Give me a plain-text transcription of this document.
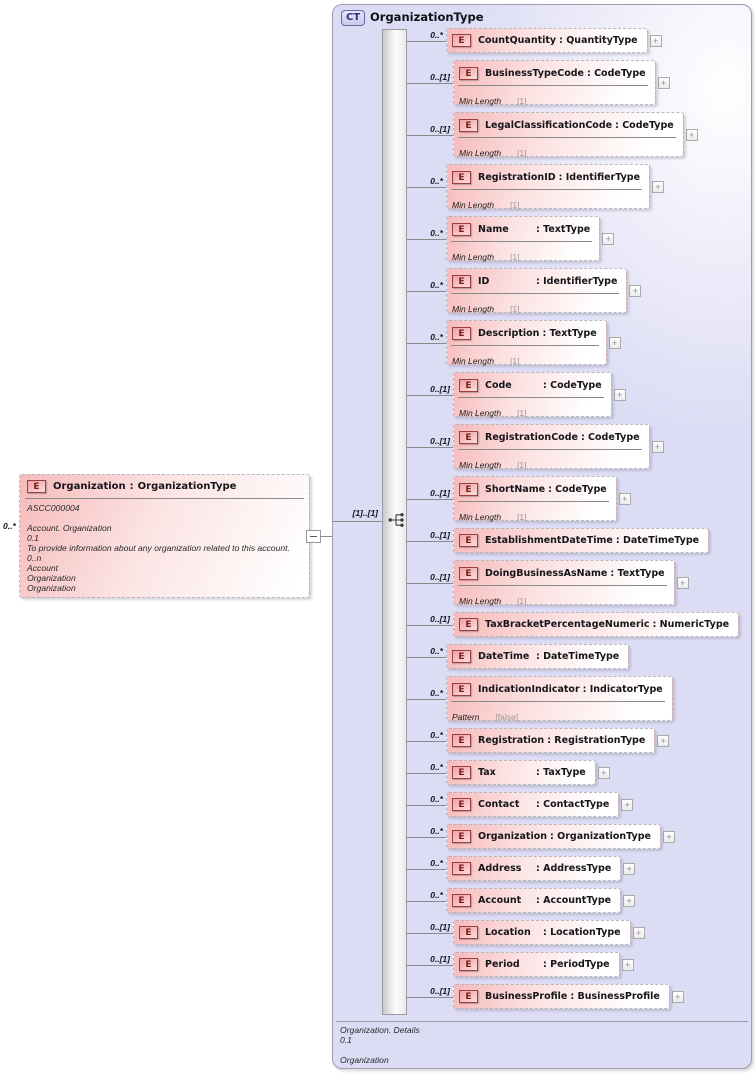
0..*
E	Organization : OrganizationType
ASCC000004
Account. Organization
0.1
To provide information about any organization related to this account.
0..n
Account
Organization
Organization
CT OrganizationType
[1]..[1]
0..*
E	CountQuantity : QuantityType	+
0..[1]	E	BusinessTypeCode : CodeType
Min Length [1]
+
0..[1]	E	LegalClassificationCode : CodeType
Min Length [1]
+
0..*	E	RegistrationID : IdentifierType
Min Length [1]
+
0..*	E	Name	: TextType
Min Length [1]
+
0..*	E	ID	: IdentifierType
Min Length [1]
+
0..*	E	Description : TextType
Min Length [1]
+
0..[1]	E	Code	: CodeType
Min Length [1]
+
0..[1]	E	RegistrationCode : CodeType
Min Length [1]
+
0..[1]	E	ShortName : CodeType
Min Length [1]
+
0..[1]
E	EstablishmentDateTime : DateTimeType
0..[1]	E	DoingBusinessAsName : TextType
Min Length [1]
+
0..[1]
E	TaxBracketPercentageNumeric : NumericType
0..*
E	DateTime : DateTimeType
0..*	E	IndicationIndicator : IndicatorType
Pattern [false]
0..*
E	Registration : RegistrationType	+
0..*
E	Tax	: TaxType	+
0..*
E	Contact	: ContactType	+
0..*
E	Organization : OrganizationType	+
0..*
E	Address	: AddressType	+
0..*
E	Account	: AccountType	+
0..[1]
E	Location	: LocationType	+
0..[1]
E	Period	: PeriodType	+
0..[1]
E	BusinessProfile : BusinessProfile	+
Organization. Details
0.1
Organization
